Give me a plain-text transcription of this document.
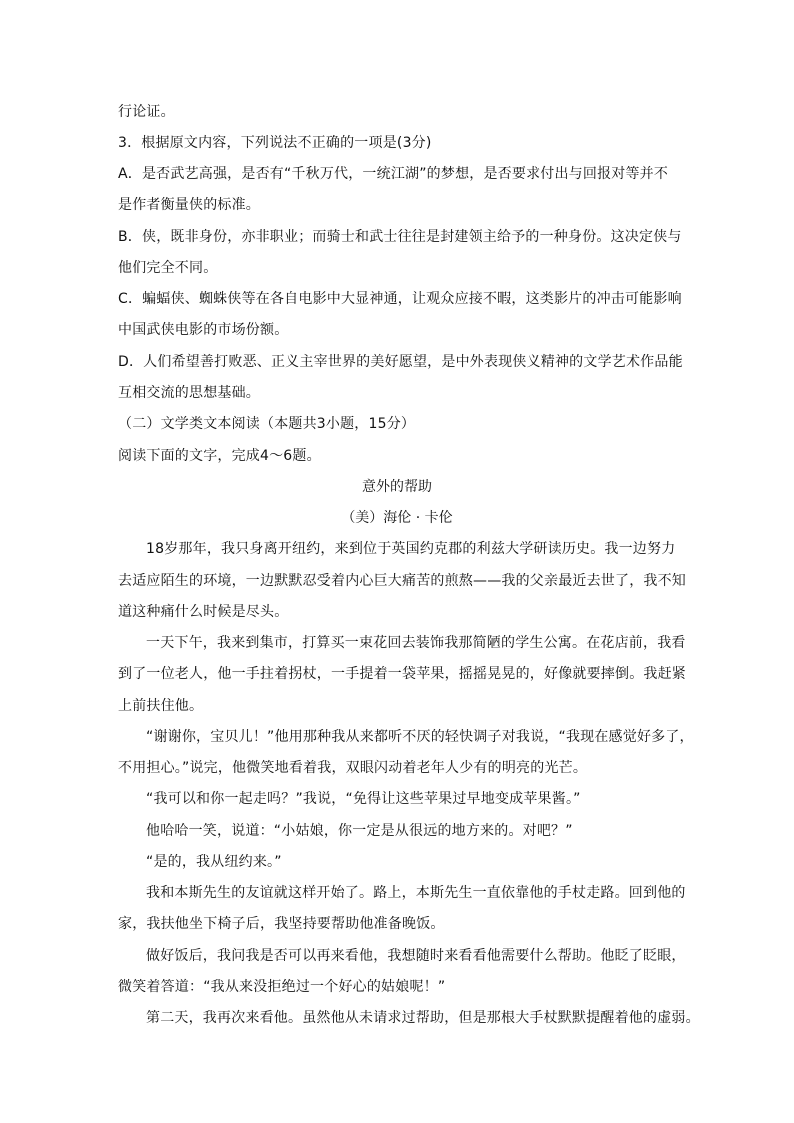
行论证。
3．根据原文内容，下列说法不正确的一项是(3分)
A．是否武艺高强，是否有“千秋万代，一统江湖”的梦想，是否要求付出与回报对等并不
是作者衡量侠的标准。
B．侠，既非身份，亦非职业；而骑士和武士往往是封建领主给予的一种身份。这决定侠与
他们完全不同。
C．蝙蝠侠、蜘蛛侠等在各自电影中大显神通，让观众应接不暇，这类影片的冲击可能影响
中国武侠电影的市场份额。
D．人们希望善打败恶、正义主宰世界的美好愿望，是中外表现侠义精神的文学艺术作品能
互相交流的思想基础。
（二）文学类文本阅读（本题共3小题，15分）
阅读下面的文字，完成4～6题。
意外的帮助
（美）海伦 · 卡伦
18岁那年，我只身离开纽约，来到位于英国约克郡的利兹大学研读历史。我一边努力
去适应陌生的环境，一边默默忍受着内心巨大痛苦的煎熬——我的父亲最近去世了，我不知
道这种痛什么时候是尽头。
一天下午，我来到集市，打算买一束花回去装饰我那简陋的学生公寓。在花店前，我看
到了一位老人，他一手拄着拐杖，一手提着一袋苹果，摇摇晃晃的，好像就要摔倒。我赶紧
上前扶住他。
“谢谢你，宝贝儿！”他用那种我从来都听不厌的轻快调子对我说，“我现在感觉好多了，
不用担心。”说完，他微笑地看着我，双眼闪动着老年人少有的明亮的光芒。
“我可以和你一起走吗？”我说，“免得让这些苹果过早地变成苹果酱。”
他哈哈一笑，说道：“小姑娘，你一定是从很远的地方来的。对吧？”
“是的，我从纽约来。”
我和本斯先生的友谊就这样开始了。路上，本斯先生一直依靠他的手杖走路。回到他的
家，我扶他坐下椅子后，我坚持要帮助他准备晚饭。
做好饭后，我问我是否可以再来看他，我想随时来看看他需要什么帮助。他眨了眨眼，
微笑着答道：“我从来没拒绝过一个好心的姑娘呢！”
第二天，我再次来看他。虽然他从未请求过帮助，但是那根大手杖默默提醒着他的虚弱。
